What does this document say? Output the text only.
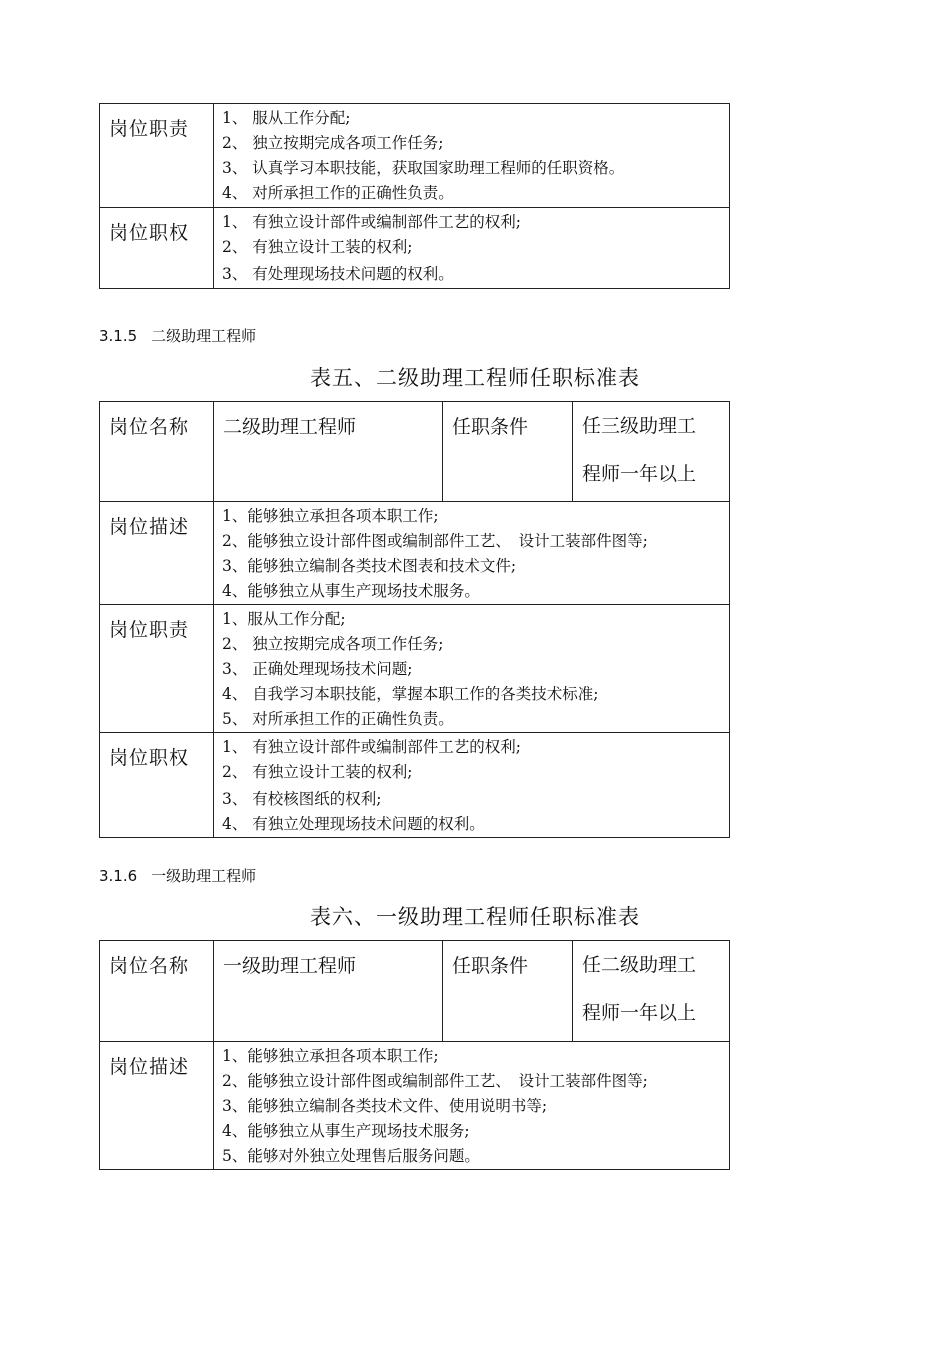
岗位职责	1、 服从工作分配;
2、 独立按期完成各项工作任务;
3、 认真学习本职技能，获取国家助理工程师的任职资格。
4、 对所承担工作的正确性负责。

岗位职权	1、 有独立设计部件或编制部件工艺的权利;
2、 有独立设计工装的权利;
3、 有处理现场技术问题的权利。
3.1.5 二级助理工程师
表五、二级助理工程师任职标准表
岗位名称	二级助理工程师	任职条件	任三级助理工
程师一年以上

岗位描述	1、能够独立承担各项本职工作;
2、能够独立设计部件图或编制部件工艺、　设计工装部件图等;
3、能够独立编制各类技术图表和技术文件;
4、能够独立从事生产现场技术服务。		

岗位职责	1、服从工作分配;
2、 独立按期完成各项工作任务;
3、 正确处理现场技术问题;
4、 自我学习本职技能，掌握本职工作的各类技术标准;
5、 对所承担工作的正确性负责。		

岗位职权	1、 有独立设计部件或编制部件工艺的权利;
2、 有独立设计工装的权利;
3、 有校核图纸的权利;
4、 有独立处理现场技术问题的权利。		
3.1.6 一级助理工程师
表六、一级助理工程师任职标准表
岗位名称	一级助理工程师	任职条件	任二级助理工
程师一年以上

岗位描述	1、能够独立承担各项本职工作;
2、能够独立设计部件图或编制部件工艺、　设计工装部件图等;
3、能够独立编制各类技术文件、使用说明书等;
4、能够独立从事生产现场技术服务;
5、能够对外独立处理售后服务问题。		
